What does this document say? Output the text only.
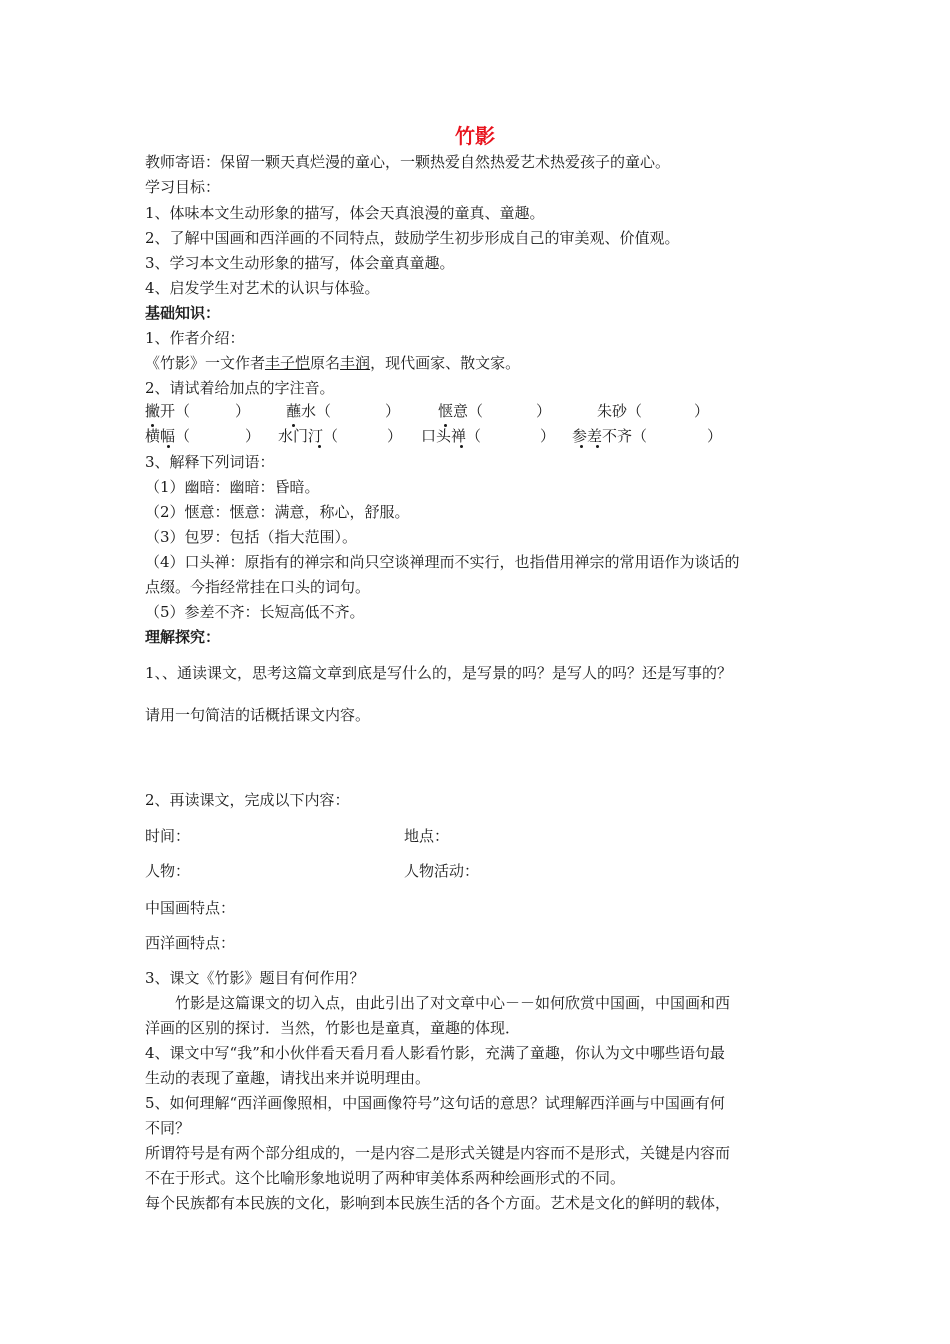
竹影
教师寄语：保留一颗天真烂漫的童心，一颗热爱自然热爱艺术热爱孩子的童心。
学习目标：
1、体味本文生动形象的描写，体会天真浪漫的童真、童趣。
2、了解中国画和西洋画的不同特点，鼓励学生初步形成自己的审美观、价值观。
3、学习本文生动形象的描写，体会童真童趣。
4、启发学生对艺术的认识与体验。
基础知识：
1、作者介绍：
《竹影》一文作者丰子恺原名丰润，现代画家、散文家。
2、请试着给加点的字注音。
撇开（	） 蘸水（	）	惬意（	）	朱砂（	）
横幅（	） 水门汀（	） 口头禅（	） 参差不齐（	）
3、解释下列词语：
（1）幽暗：幽暗：昏暗。
（2）惬意：惬意：满意，称心，舒服。
（3）包罗：包括（指大范围）。
（4）口头禅：原指有的禅宗和尚只空谈禅理而不实行，也指借用禅宗的常用语作为谈话的
点缀。今指经常挂在口头的词句。
（5）参差不齐：长短高低不齐。
理解探究：
1、、通读课文，思考这篇文章到底是写什么的，是写景的吗？是写人的吗？还是写事的？
请用一句简洁的话概括课文内容。
2、再读课文，完成以下内容：
时间：	地点：
人物：	人物活动：
中国画特点：
西洋画特点：
3、课文《竹影》题目有何作用？
竹影是这篇课文的切入点，由此引出了对文章中心－－如何欣赏中国画，中国画和西
洋画的区别的探讨．当然，竹影也是童真，童趣的体现．
4、课文中写“我”和小伙伴看天看月看人影看竹影，充满了童趣，你认为文中哪些语句最
生动的表现了童趣，请找出来并说明理由。
5、如何理解“西洋画像照相，中国画像符号”这句话的意思？试理解西洋画与中国画有何
不同？
所谓符号是有两个部分组成的，一是内容二是形式关键是内容而不是形式，关键是内容而
不在于形式。这个比喻形象地说明了两种审美体系两种绘画形式的不同。
每个民族都有本民族的文化，影响到本民族生活的各个方面。艺术是文化的鲜明的载体，
